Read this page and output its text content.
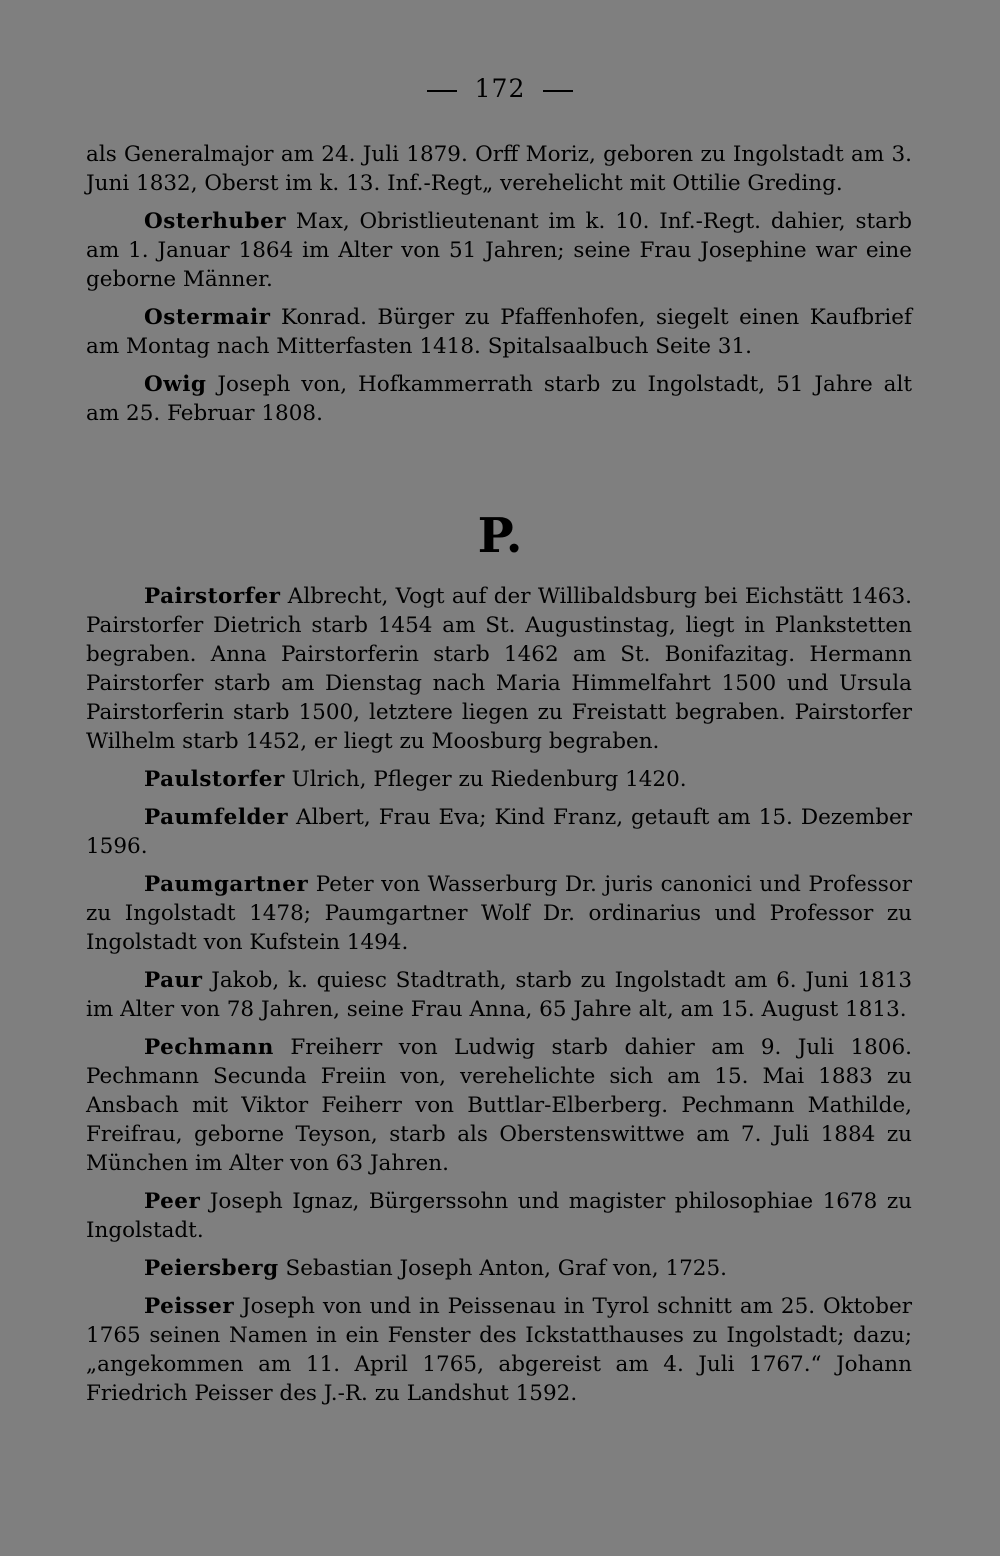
172

als Generalmajor am 24. Juli 1879. Orff Moriz, geboren zu Ingolstadt am 3. Juni 1832, Oberst im k. 13. Inf.-Regt„ verehelicht mit Ottilie Greding.

Osterhuber Max, Obristlieutenant im k. 10. Inf.-Regt. dahier, starb am 1. Januar 1864 im Alter von 51 Jahren; seine Frau Josephine war eine geborne Männer.

Ostermair Konrad. Bürger zu Pfaffenhofen, siegelt einen Kaufbrief am Montag nach Mitterfasten 1418. Spitalsaalbuch Seite 31.

Owig Joseph von, Hofkammerrath starb zu Ingolstadt, 51 Jahre alt am 25. Februar 1808.

P.

Pairstorfer Albrecht, Vogt auf der Willibaldsburg bei Eichstätt 1463. Pairstorfer Dietrich starb 1454 am St. Augustinstag, liegt in Plankstetten begraben. Anna Pairstorferin starb 1462 am St. Bonifazitag. Hermann Pairstorfer starb am Dienstag nach Maria Himmelfahrt 1500 und Ursula Pairstorferin starb 1500, letztere liegen zu Freistatt begraben. Pairstorfer Wilhelm starb 1452, er liegt zu Moosburg begraben.

Paulstorfer Ulrich, Pfleger zu Riedenburg 1420.

Paumfelder Albert, Frau Eva; Kind Franz, getauft am 15. Dezember 1596.

Paumgartner Peter von Wasserburg Dr. juris canonici und Professor zu Ingolstadt 1478; Paumgartner Wolf Dr. ordinarius und Professor zu Ingolstadt von Kufstein 1494.

Paur Jakob, k. quiesc Stadtrath, starb zu Ingolstadt am 6. Juni 1813 im Alter von 78 Jahren, seine Frau Anna, 65 Jahre alt, am 15. August 1813.

Pechmann Freiherr von Ludwig starb dahier am 9. Juli 1806. Pechmann Secunda Freiin von, verehelichte sich am 15. Mai 1883 zu Ansbach mit Viktor Feiherr von Buttlar-Elberberg. Pechmann Mathilde, Freifrau, geborne Teyson, starb als Oberstenswittwe am 7. Juli 1884 zu München im Alter von 63 Jahren.

Peer Joseph Ignaz, Bürgerssohn und magister philosophiae 1678 zu Ingolstadt.

Peiersberg Sebastian Joseph Anton, Graf von, 1725.

Peisser Joseph von und in Peissenau in Tyrol schnitt am 25. Oktober 1765 seinen Namen in ein Fenster des Ickstatthauses zu Ingolstadt; dazu; „angekommen am 11. April 1765, abgereist am 4. Juli 1767.“ Johann Friedrich Peisser des J.-R. zu Landshut 1592.
